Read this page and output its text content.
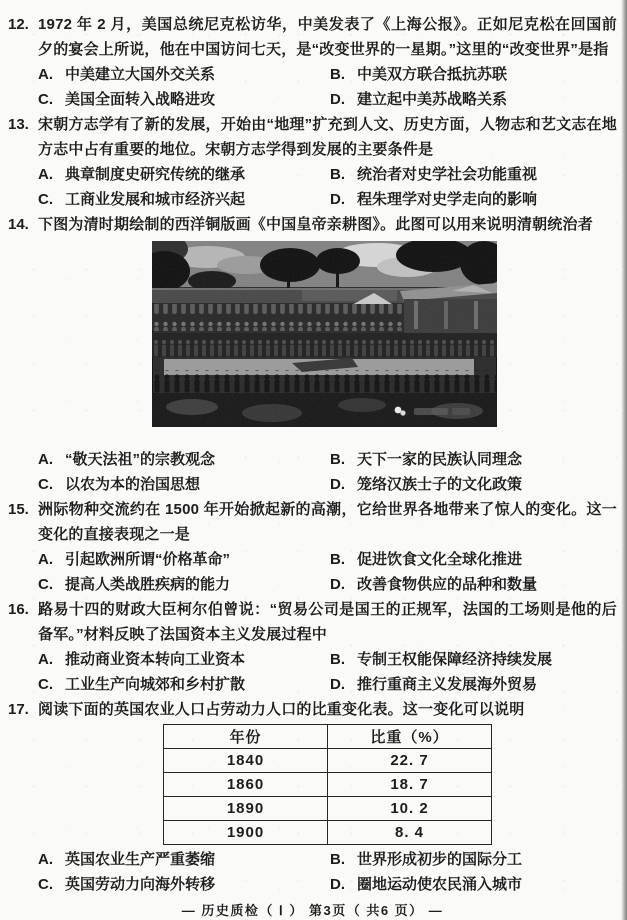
12. 1972 年 2 月，美国总统尼克松访华，中美发表了《上海公报》。正如尼克松在回国前夕的宴会上所说，他在中国访问七天，是“改变世界的一星期。”这里的“改变世界”是指
A. 中美建立大国外交关系	B. 中美双方联合抵抗苏联
C. 美国全面转入战略进攻	D. 建立起中美苏战略关系
13. 宋朝方志学有了新的发展，开始由“地理”扩充到人文、历史方面，人物志和艺文志在地方志中占有重要的地位。宋朝方志学得到发展的主要条件是
A. 典章制度史研究传统的继承	B. 统治者对史学社会功能重视
C. 工商业发展和城市经济兴起	D. 程朱理学对史学走向的影响
14. 下图为清时期绘制的西洋铜版画《中国皇帝亲耕图》。此图可以用来说明清朝统治者
A. “敬天法祖”的宗教观念	B. 天下一家的民族认同理念
C. 以农为本的治国思想	D. 笼络汉族士子的文化政策
15. 洲际物种交流约在 1500 年开始掀起新的高潮，它给世界各地带来了惊人的变化。这一变化的直接表现之一是
A. 引起欧洲所谓“价格革命”	B. 促进饮食文化全球化推进
C. 提高人类战胜疾病的能力	D. 改善食物供应的品种和数量
16. 路易十四的财政大臣柯尔伯曾说：“贸易公司是国王的正规军，法国的工场则是他的后备军。”材料反映了法国资本主义发展过程中
A. 推动商业资本转向工业资本	B. 专制王权能保障经济持续发展
C. 工业生产向城郊和乡村扩散	D. 推行重商主义发展海外贸易
17. 阅读下面的英国农业人口占劳动力人口的比重变化表。这一变化可以说明
年份	比重（%）
1840	22. 7
1860	18. 7
1890	10. 2
1900	8. 4
A. 英国农业生产严重萎缩	B. 世界形成初步的国际分工
C. 英国劳动力向海外转移	D. 圈地运动使农民涌入城市
— 历史质检（ Ⅰ ） 第3页（ 共6 页） —
